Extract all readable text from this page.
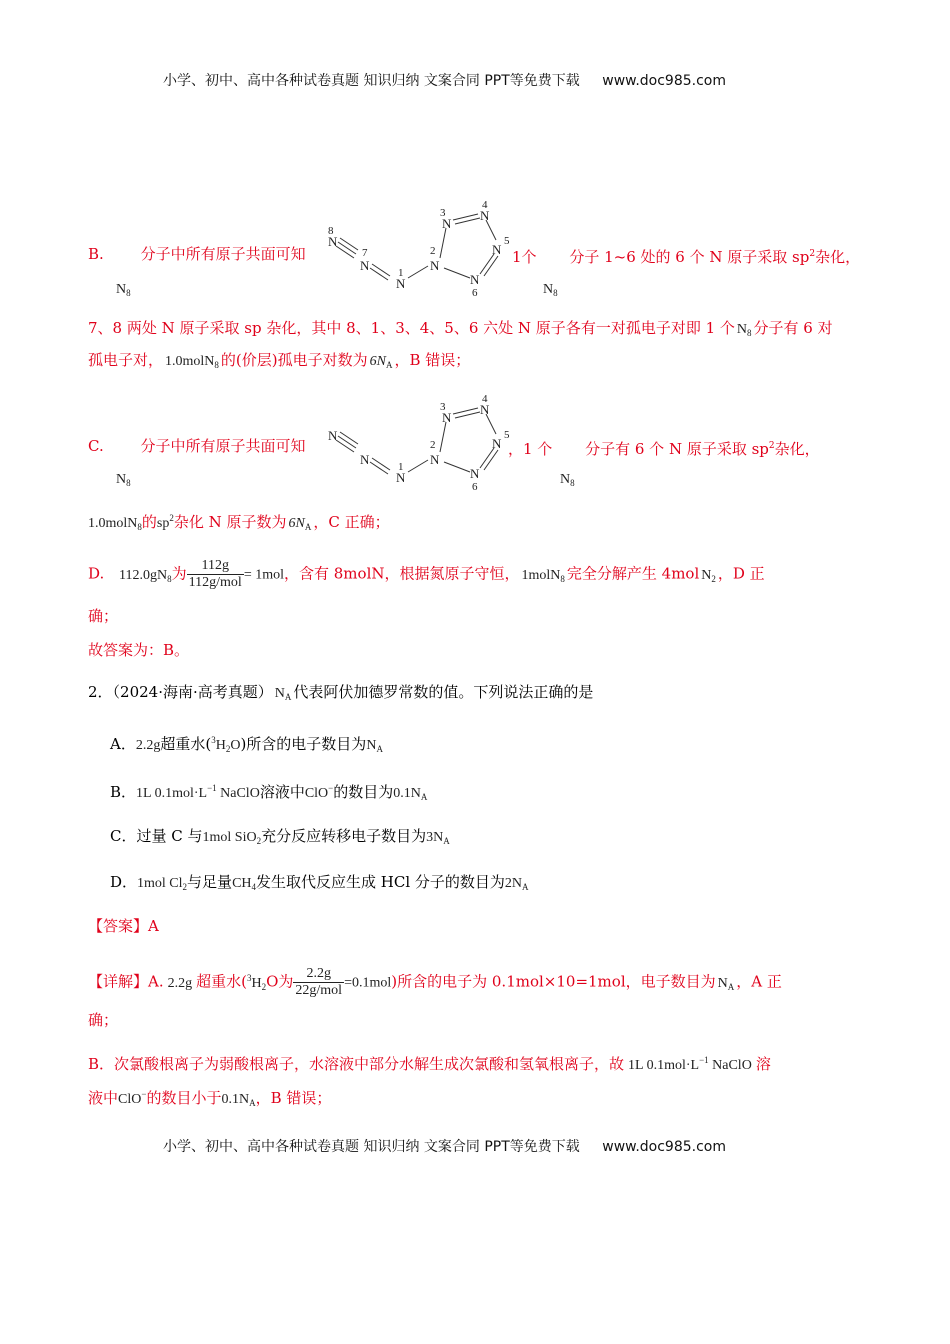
小学、初中、高中各种试卷真题 知识归纳 文案合同 PPT等免费下载 www.doc985.com
B. 分子中所有原子共面可知
N
N
N
N
N
N
N
N
8
7
1
2
3
4
5
6
1个 分子 1~6 处的 6 个 N 原子采取 $sp^2$杂化，
$N_8$	$N_8$
7、8 两处 N 原子采取 sp 杂化，其中 8、1、3、4、5、6 六处 N 原子各有一对孤电子对即 1 个 $N_8$ 分子有 6 对
孤电子对， 1.0molN$_8$ 的(价层)孤电子对数为 $6N_A$ ，B 错误；
C. 分子中所有原子共面可知
N
N
N
N
N
N
N
N
1
2
3
4
5
6
，1 个 分子有 6 个 N 原子采取 $sp^2$杂化，
$N_8$	$N_8$
1.0molN$_8$的$sp^2$杂化 N 原子数为 $6N_A$ ，C 正确；
D. $112.0gN_8$为 $\frac{112g}{\text{112g/mol}} = 1mol$，含有 8molN，根据氮原子守恒， 1molN$_8$ 完全分解产生 4mol $N_2$ ，D 正
确；
故答案为：B。
2．（2024·海南·高考真题） $N_A$ 代表阿伏加德罗常数的值。下列说法正确的是
A．2.2g超重水$(^3H_2O)$所含的电子数目为$N_A$
B．1L $0.1mol\cdot L^{-1}$ NaClO溶液中ClO−的数目为$0.1N_A$
C．过量 C 与1mol SiO$_2$充分反应转移电子数目为$3N_A$
D．1mol $Cl_2$与足量$CH_4$发生取代反应生成 HCl 分子的数目为$2N_A$
【答案】A
【详解】A. 2.2g 超重水($^3H_2O$为 $\frac{2.2g}{\text{22g/mol}} =0.1mol$)所含的电子为 0.1mol×10=1mol，电子数目为 $N_A$ ，A 正
确；
B．次氯酸根离子为弱酸根离子，水溶液中部分水解生成次氯酸和氢氧根离子，故 1L $0.1mol\cdot L^{-1}$ NaClO 溶
液中ClO−的数目小于$0.1N_A$，B 错误；
小学、初中、高中各种试卷真题 知识归纳 文案合同 PPT等免费下载 www.doc985.com
